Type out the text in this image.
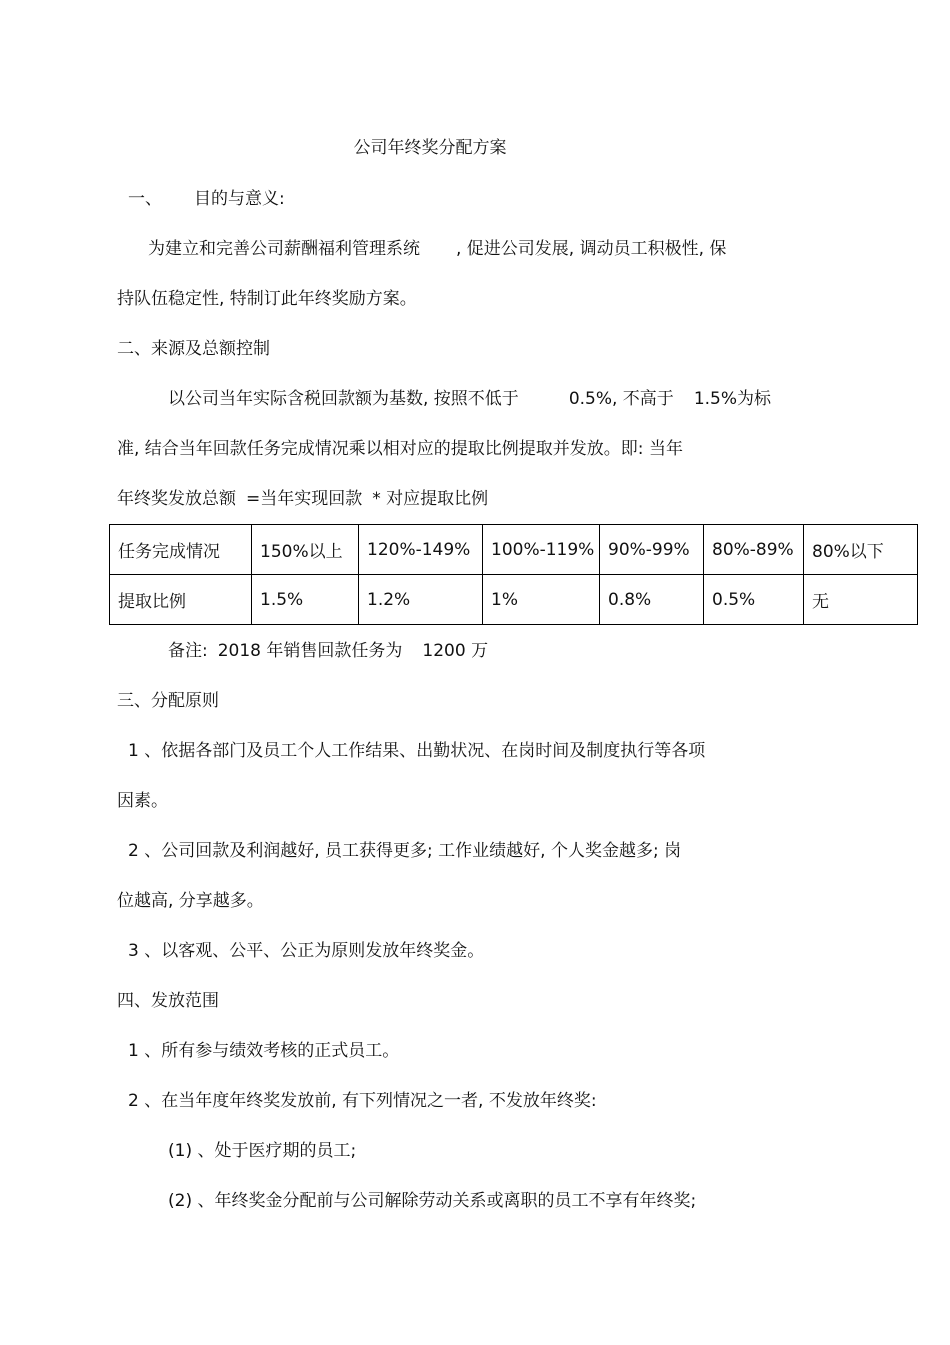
公司年终奖分配方案
一、 目的与意义:
为建立和完善公司薪酬福利管理系统 , 促进公司发展, 调动员工积极性, 保
持队伍稳定性, 特制订此年终奖励方案。
二、来源及总额控制
以公司当年实际含税回款额为基数, 按照不低于	0.5%, 不高于 1.5%为标
准, 结合当年回款任务完成情况乘以相对应的提取比例提取并发放。即: 当年
年终奖发放总额 =当年实现回款 * 对应提取比例
任务完成情况	150%以上	120%-149%	100%-119%	90%-99%	80%-89%	80%以下
提取比例	1.5%	1.2%	1%	0.8%	0.5%	无
备注: 2018 年销售回款任务为 1200 万
三、分配原则
1 、依据各部门及员工个人工作结果、出勤状况、在岗时间及制度执行等各项
因素。
2 、公司回款及利润越好, 员工获得更多; 工作业绩越好, 个人奖金越多; 岗
位越高, 分享越多。
3 、以客观、公平、公正为原则发放年终奖金。
四、发放范围
1 、所有参与绩效考核的正式员工。
2 、在当年度年终奖发放前, 有下列情况之一者, 不发放年终奖:
(1) 、处于医疗期的员工;
(2) 、年终奖金分配前与公司解除劳动关系或离职的员工不享有年终奖;
